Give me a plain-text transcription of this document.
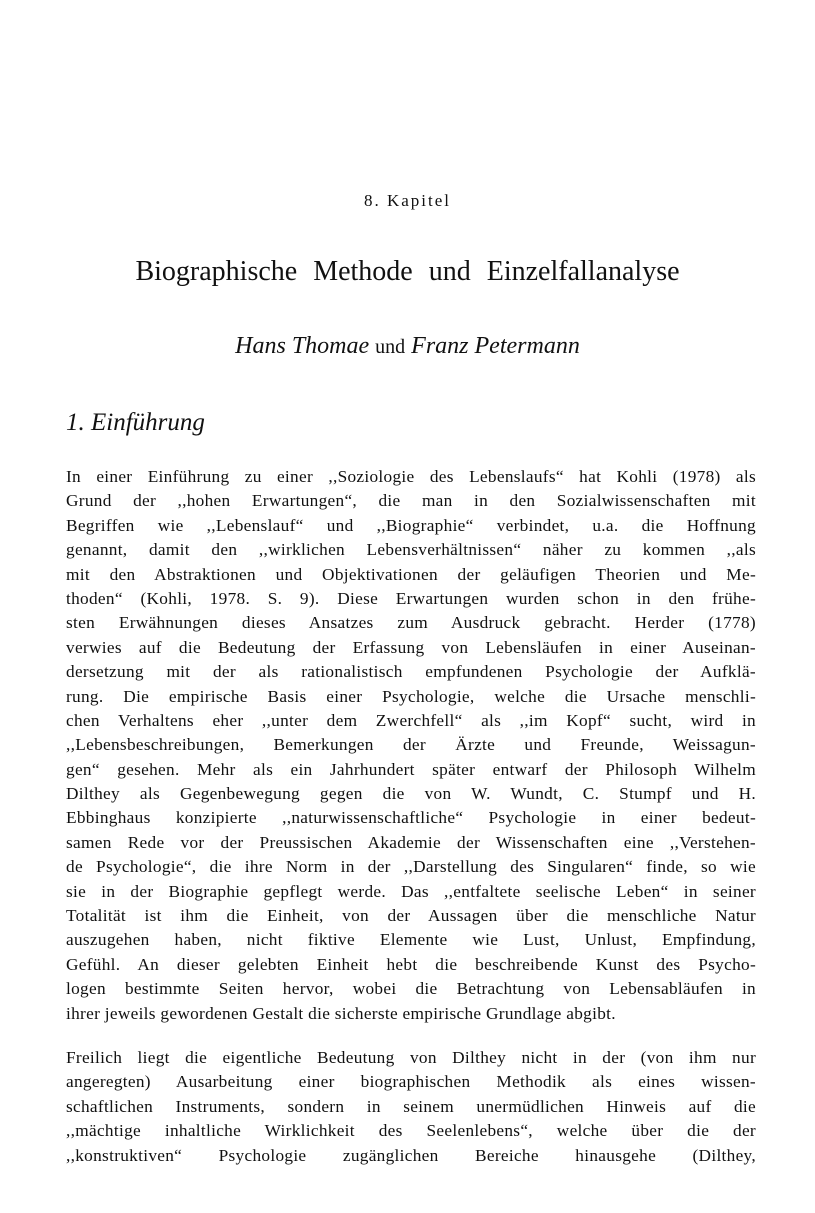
8. Kapitel
Biographische Methode und Einzelfallanalyse
Hans Thomae und Franz Petermann
1. Einführung
In einer Einführung zu einer ,,Soziologie des Lebenslaufs“ hat Kohli (1978) als
Grund der ,,hohen Erwartungen“, die man in den Sozialwissenschaften mit
Begriffen wie ,,Lebenslauf“ und ,,Biographie“ verbindet, u.a. die Hoffnung
genannt, damit den ,,wirklichen Lebensverhältnissen“ näher zu kommen ,,als
mit den Abstraktionen und Objektivationen der geläufigen Theorien und Me-
thoden“ (Kohli, 1978. S. 9). Diese Erwartungen wurden schon in den frühe-
sten Erwähnungen dieses Ansatzes zum Ausdruck gebracht. Herder (1778)
verwies auf die Bedeutung der Erfassung von Lebensläufen in einer Auseinan-
dersetzung mit der als rationalistisch empfundenen Psychologie der Aufklä-
rung. Die empirische Basis einer Psychologie, welche die Ursache menschli-
chen Verhaltens eher ,,unter dem Zwerchfell“ als ,,im Kopf“ sucht, wird in
,,Lebensbeschreibungen, Bemerkungen der Ärzte und Freunde, Weissagun-
gen“ gesehen. Mehr als ein Jahrhundert später entwarf der Philosoph Wilhelm
Dilthey als Gegenbewegung gegen die von W. Wundt, C. Stumpf und H.
Ebbinghaus konzipierte ,,naturwissenschaftliche“ Psychologie in einer bedeut-
samen Rede vor der Preussischen Akademie der Wissenschaften eine ,,Verstehen-
de Psychologie“, die ihre Norm in der ,,Darstellung des Singularen“ finde, so wie
sie in der Biographie gepflegt werde. Das ,,entfaltete seelische Leben“ in seiner
Totalität ist ihm die Einheit, von der Aussagen über die menschliche Natur
auszugehen haben, nicht fiktive Elemente wie Lust, Unlust, Empfindung,
Gefühl. An dieser gelebten Einheit hebt die beschreibende Kunst des Psycho-
logen bestimmte Seiten hervor, wobei die Betrachtung von Lebensabläufen in
ihrer jeweils gewordenen Gestalt die sicherste empirische Grundlage abgibt.
Freilich liegt die eigentliche Bedeutung von Dilthey nicht in der (von ihm nur
angeregten) Ausarbeitung einer biographischen Methodik als eines wissen-
schaftlichen Instruments, sondern in seinem unermüdlichen Hinweis auf die
,,mächtige inhaltliche Wirklichkeit des Seelenlebens“, welche über die der
,,konstruktiven“ Psychologie zugänglichen Bereiche hinausgehe (Dilthey,
